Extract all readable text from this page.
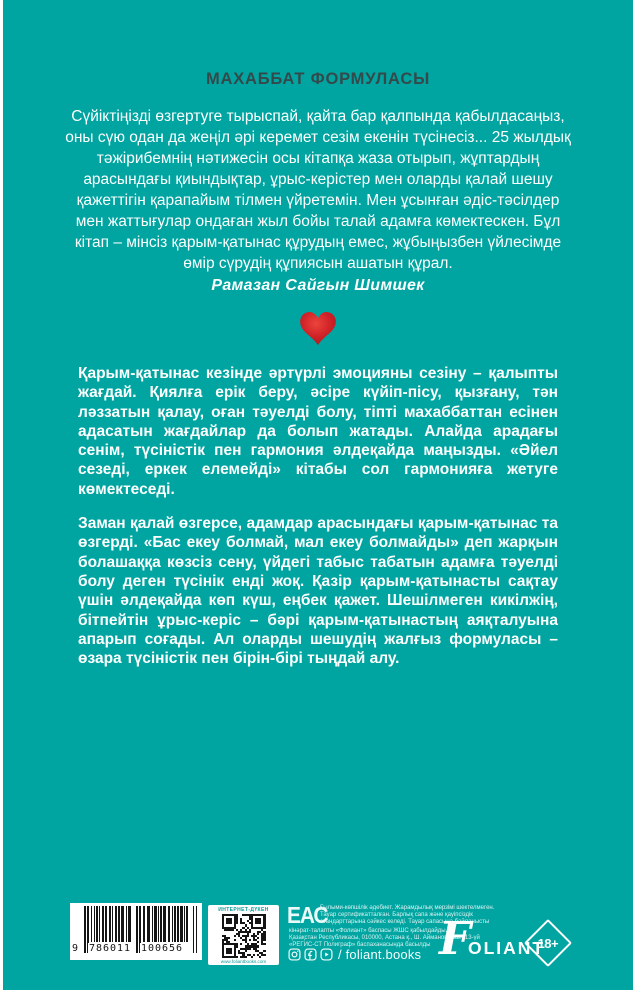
МАХАББАТ ФОРМУЛАСЫ
Сүйіктіңізді өзгертуге тырыспай, қайта бар қалпында қабылдасаңыз, оны сүю одан да жеңіл әрі керемет сезім екенін түсінесіз... 25 жылдық тәжірибемнің нәтижесін осы кітапқа жаза отырып, жұптардың арасындағы қиындықтар, ұрыс-керістер мен оларды қалай шешу қажеттігін қарапайым тілмен үйретемін. Мен ұсынған әдіс-тәсілдер мен жаттығулар ондаған жыл бойы талай адамға көмектескен. Бұл кітап – мінсіз қарым-қатынас құрудың емес, жұбыңызбен үйлесімде өмір сүрудің құпиясын ашатын құрал.
Рамазан Сайгын Шимшек
Қарым-қатынас кезінде әртүрлі эмоцияны сезіну – қалыпты жағдай. Қиялға ерік беру, әсіре күйіп-пісу, қызғану, тән ләззатын қалау, оған тәуелді болу, тіпті махаббаттан есінен адасатын жағдайлар да болып жатады. Алайда арадағы сенім, түсіністік пен гармония әлдеқайда маңызды. «Әйел сезеді, еркек елемейді» кітабы сол гармонияға жетуге көмектеседі.
Заман қалай өзгерсе, адамдар арасындағы қарым-қатынас та өзгерді. «Бас екеу болмай, мал екеу болмайды» деп жарқын болашаққа көзсіз сену, үйдегі табыс табатын адамға тәуелді болу деген түсінік енді жоқ. Қазір қарым-қатынасты сақтау үшін әлдеқайда көп күш, еңбек қажет. Шешілмеген кикілжің, бітпейтін ұрыс-керіс – бәрі қарым-қатынастың аяқталуына апарып соғады. Ал оларды шешудің жалғыз формуласы – өзара түсіністік пен бірін-бірі тыңдай алу.
9	786011 100656
ИНТЕРНЕТ-ДҮКЕН
www.foliantbooks.com
ЕАС
Ғылыми-көпшілік әдебиет. Жарамдылық мерзімі шектелмеген.
Тауар сертификатталған. Барлық сапа және қауіпсіздік
стандарттарына сәйкес келеді. Тауар сапасына байланысты
кінәрат-талапты «Фолиант» баспасы ЖШС қабылдайды.
Қазақстан Республикасы, 010000, Астана қ., Ш. Айманов көш., 13-үй
«РЕГИС-СТ Полиграф» баспаханасында басылды
/ foliant.books F
OLIANT
18+
